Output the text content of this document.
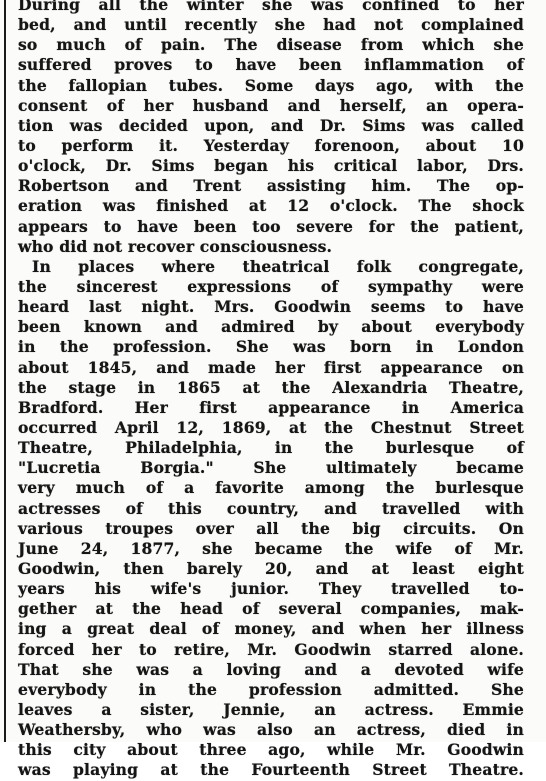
During all the winter she was confined to her
bed, and until recently she had not complained
so much of pain. The disease from which she
suffered proves to have been inflammation of
the fallopian tubes. Some days ago, with the
consent of her husband and herself, an opera-
tion was decided upon, and Dr. Sims was called
to perform it. Yesterday forenoon, about 10
o'clock, Dr. Sims began his critical labor, Drs.
Robertson and Trent assisting him. The op-
eration was finished at 12 o'clock. The shock
appears to have been too severe for the patient,
who did not recover consciousness.
In places where theatrical folk congregate,
the sincerest expressions of sympathy were
heard last night. Mrs. Goodwin seems to have
been known and admired by about everybody
in the profession. She was born in London
about 1845, and made her first appearance on
the stage in 1865 at the Alexandria Theatre,
Bradford. Her first appearance in America
occurred April 12, 1869, at the Chestnut Street
Theatre, Philadelphia, in the burlesque of
"Lucretia Borgia." She ultimately became
very much of a favorite among the burlesque
actresses of this country, and travelled with
various troupes over all the big circuits. On
June 24, 1877, she became the wife of Mr.
Goodwin, then barely 20, and at least eight
years his wife's junior. They travelled to-
gether at the head of several companies, mak-
ing a great deal of money, and when her illness
forced her to retire, Mr. Goodwin starred alone.
That she was a loving and a devoted wife
everybody in the profession admitted. She
leaves a sister, Jennie, an actress. Emmie
Weathersby, who was also an actress, died in
this city about three ago, while Mr. Goodwin
was playing at the Fourteenth Street Theatre.
